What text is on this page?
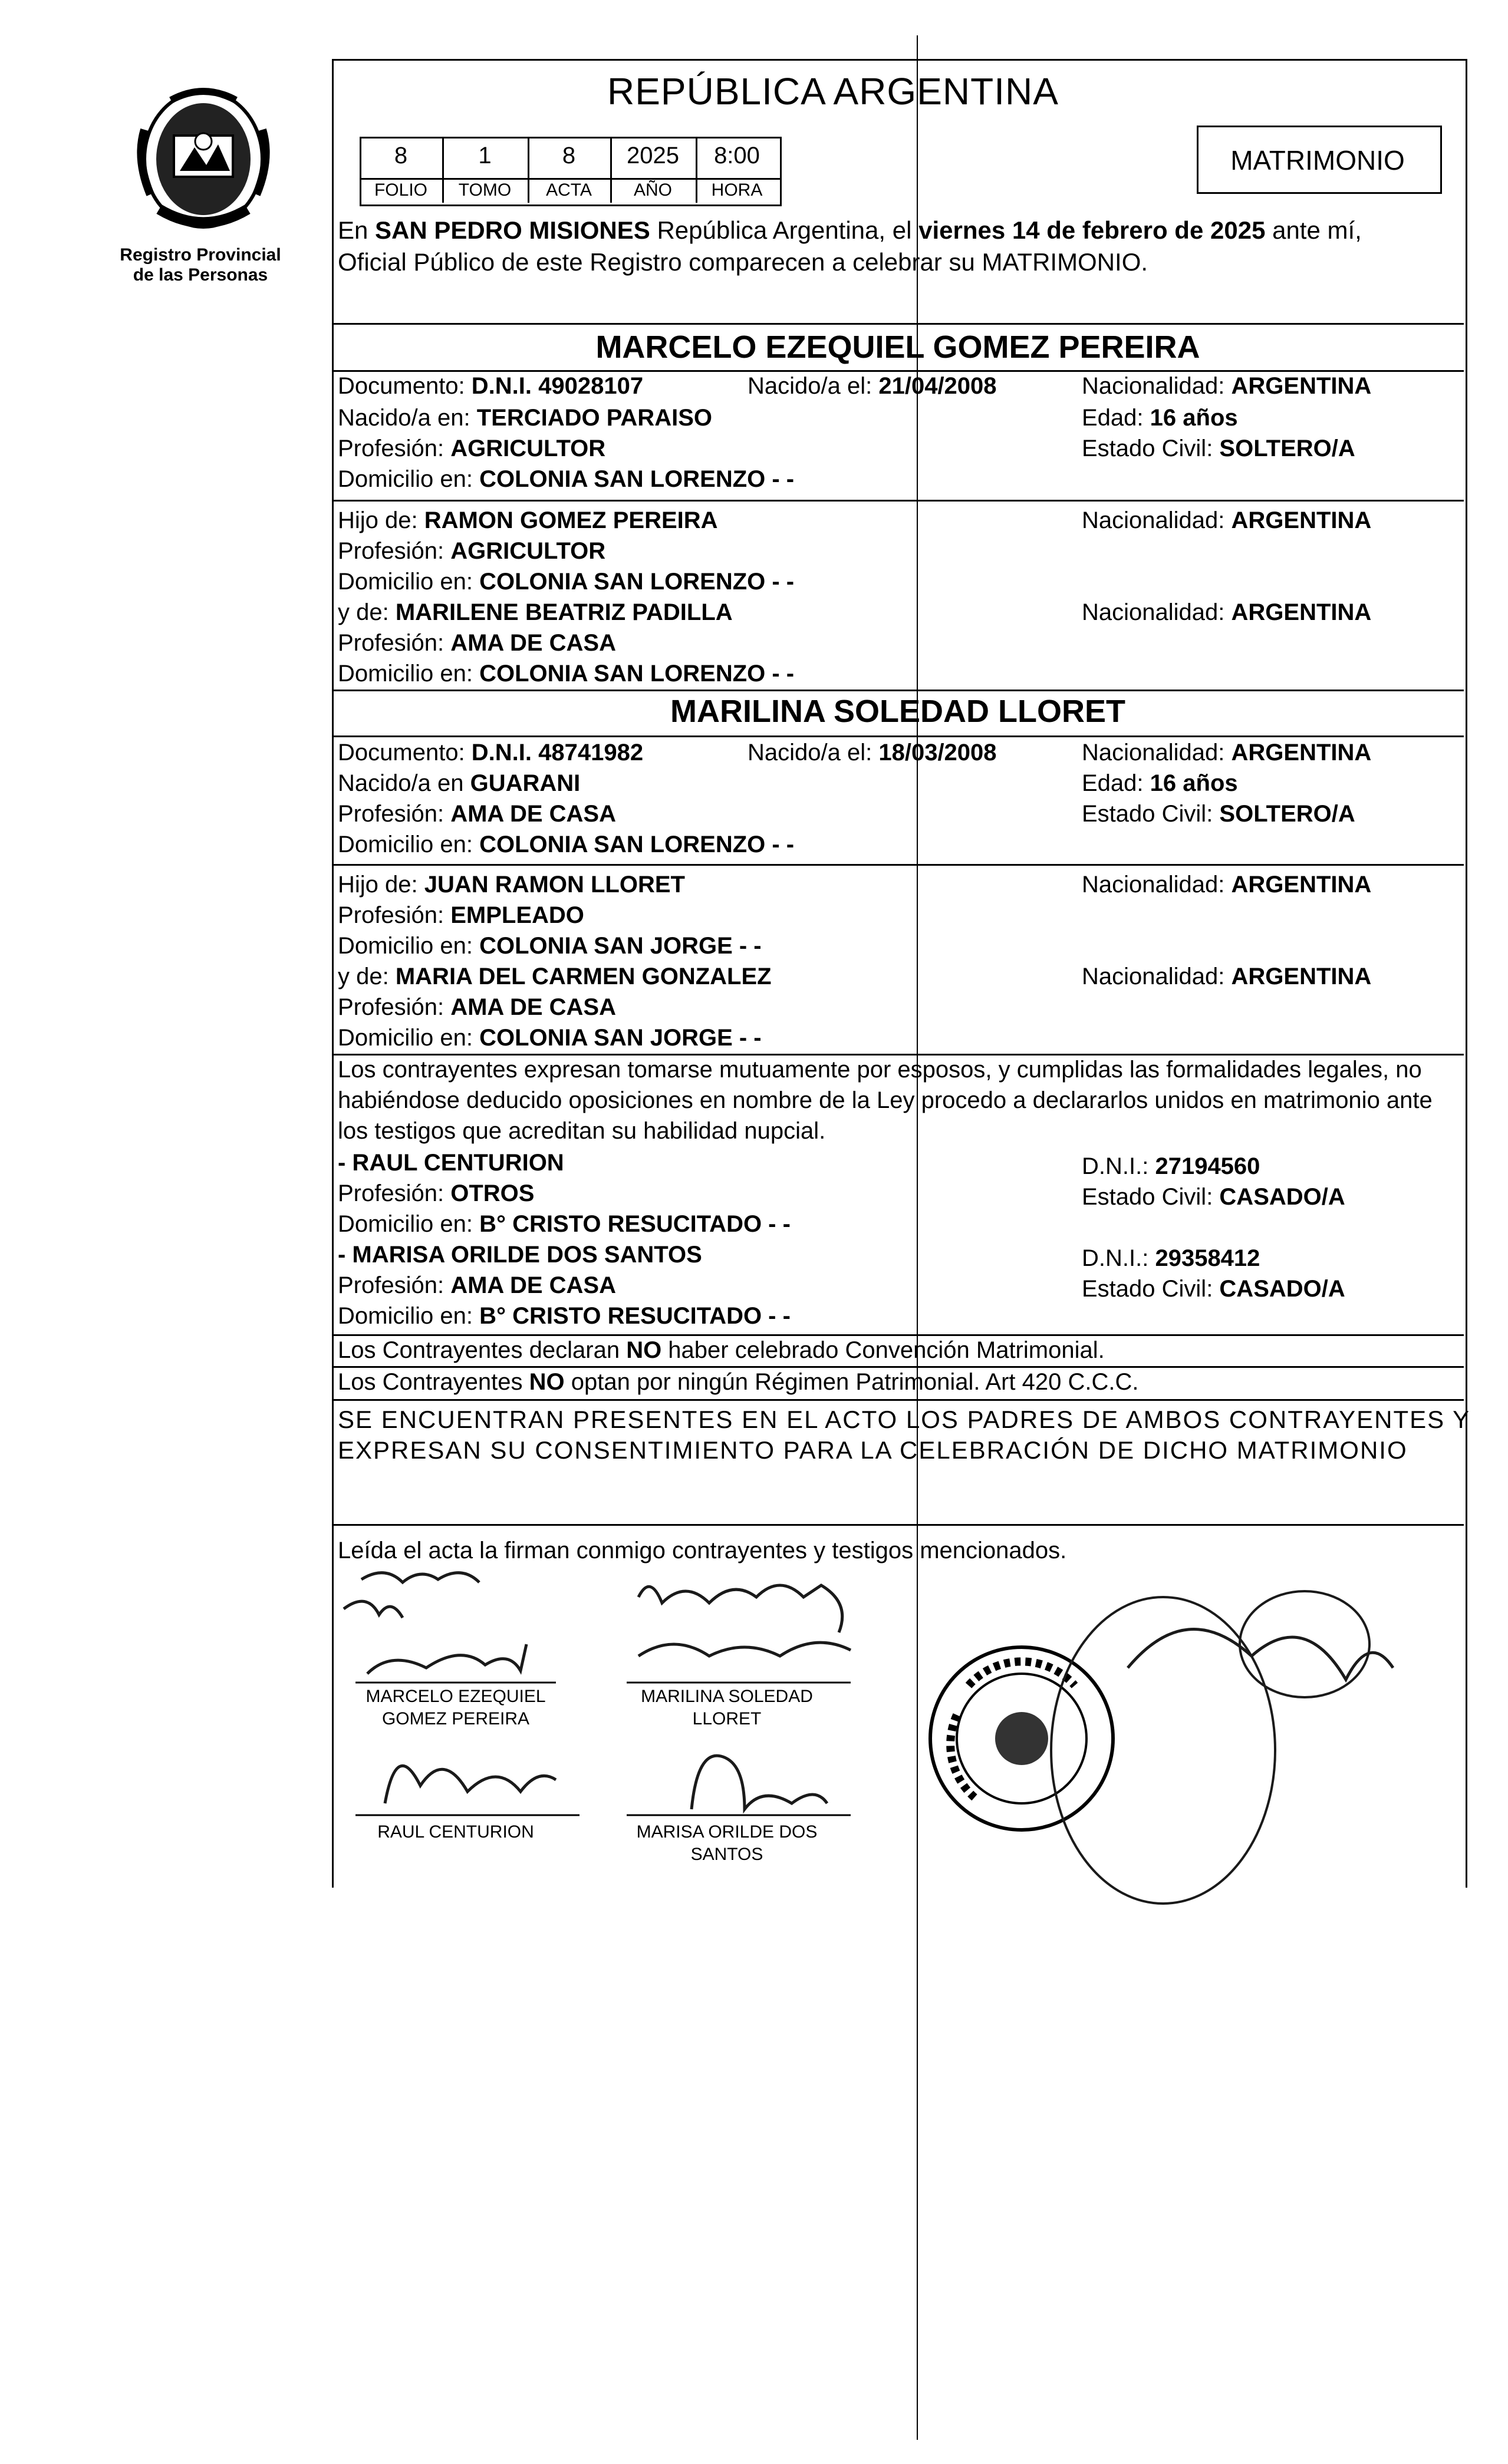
Registro Provincial
de las Personas
REPÚBLICA ARGENTINA
MATRIMONIO
8	1	8	2025	8:00
FOLIO	TOMO	ACTA	AÑO	HORA
En SAN PEDRO MISIONES República Argentina, el viernes 14 de febrero de 2025 ante mí,
Oficial Público de este Registro comparecen a celebrar su MATRIMONIO.
MARCELO EZEQUIEL GOMEZ PEREIRA
Documento: D.N.I. 49028107	Nacido/a el: 21/04/2008	Nacionalidad: ARGENTINA
Nacido/a en: TERCIADO PARAISO	Edad: 16 años
Profesión: AGRICULTOR	Estado Civil: SOLTERO/A
Domicilio en: COLONIA SAN LORENZO - -
Hijo de: RAMON GOMEZ PEREIRA	Nacionalidad: ARGENTINA
Profesión: AGRICULTOR
Domicilio en: COLONIA SAN LORENZO - -
y de: MARILENE BEATRIZ PADILLA	Nacionalidad: ARGENTINA
Profesión: AMA DE CASA
Domicilio en: COLONIA SAN LORENZO - -
MARILINA SOLEDAD LLORET
Documento: D.N.I. 48741982	Nacido/a el: 18/03/2008	Nacionalidad: ARGENTINA
Nacido/a en GUARANI	Edad: 16 años
Profesión: AMA DE CASA	Estado Civil: SOLTERO/A
Domicilio en: COLONIA SAN LORENZO - -
Hijo de: JUAN RAMON LLORET	Nacionalidad: ARGENTINA
Profesión: EMPLEADO
Domicilio en: COLONIA SAN JORGE - -
y de: MARIA DEL CARMEN GONZALEZ	Nacionalidad: ARGENTINA
Profesión: AMA DE CASA
Domicilio en: COLONIA SAN JORGE - -
Los contrayentes expresan tomarse mutuamente por esposos, y cumplidas las formalidades legales, no
habiéndose deducido oposiciones en nombre de la Ley procedo a declararlos unidos en matrimonio ante
los testigos que acreditan su habilidad nupcial.
- RAUL CENTURION	D.N.I.: 27194560
Profesión: OTROS	Estado Civil: CASADO/A
Domicilio en: B° CRISTO RESUCITADO - -
- MARISA ORILDE DOS SANTOS	D.N.I.: 29358412
Profesión: AMA DE CASA	Estado Civil: CASADO/A
Domicilio en: B° CRISTO RESUCITADO - -
Los Contrayentes declaran NO haber celebrado Convención Matrimonial.
Los Contrayentes NO optan por ningún Régimen Patrimonial. Art 420 C.C.C.
SE ENCUENTRAN PRESENTES EN EL ACTO LOS PADRES DE AMBOS CONTRAYENTES Y
EXPRESAN SU CONSENTIMIENTO PARA LA CELEBRACIÓN DE DICHO MATRIMONIO
Leída el acta la firman conmigo contrayentes y testigos mencionados.
MARCELO EZEQUIEL
GOMEZ PEREIRA
MARILINA SOLEDAD
LLORET
RAUL CENTURION	MARISA ORILDE DOS
SANTOS
